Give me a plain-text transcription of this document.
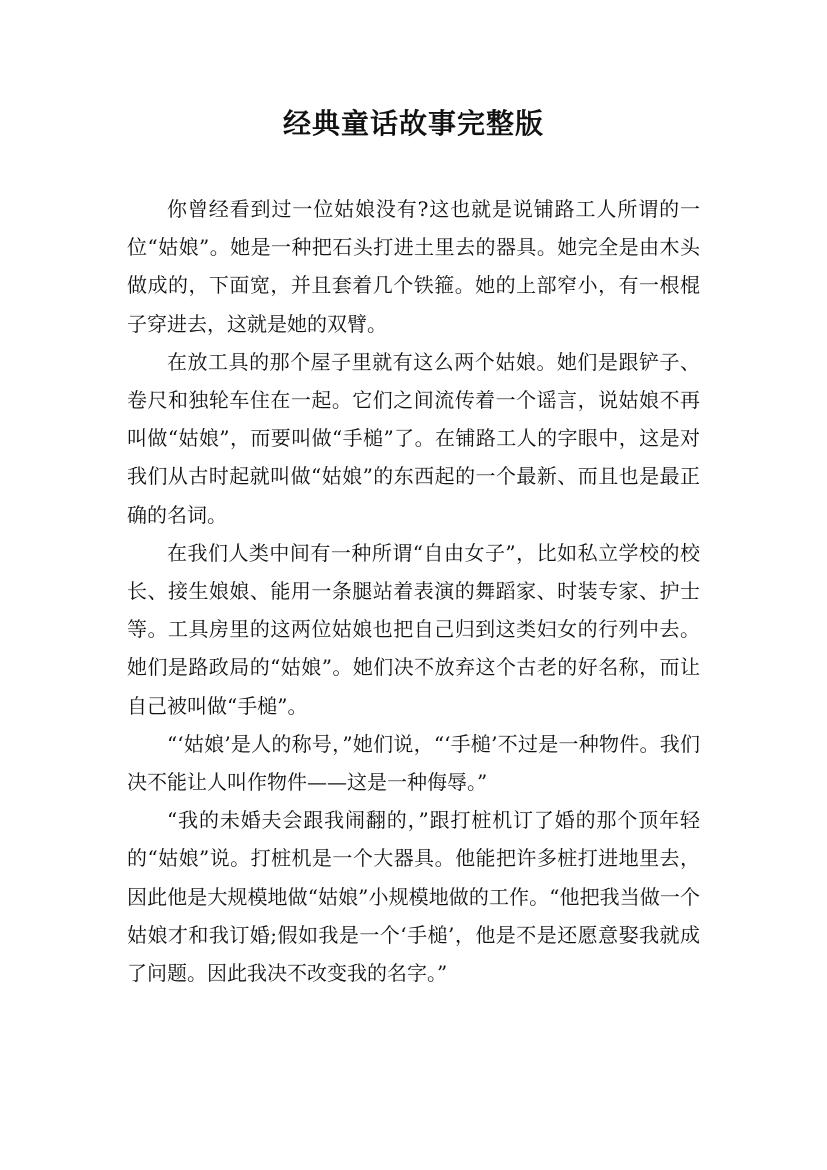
经典童话故事完整版

你曾经看到过一位姑娘没有?这也就是说铺路工人所谓的一位“姑娘”。她是一种把石头打进土里去的器具。她完全是由木头做成的，下面宽，并且套着几个铁箍。她的上部窄小，有一根棍子穿进去，这就是她的双臂。

在放工具的那个屋子里就有这么两个姑娘。她们是跟铲子、卷尺和独轮车住在一起。它们之间流传着一个谣言，说姑娘不再叫做“姑娘”，而要叫做“手槌”了。在铺路工人的字眼中，这是对我们从古时起就叫做“姑娘”的东西起的一个最新、而且也是最正确的名词。

在我们人类中间有一种所谓“自由女子”，比如私立学校的校长、接生娘娘、能用一条腿站着表演的舞蹈家、时装专家、护士等。工具房里的这两位姑娘也把自己归到这类妇女的行列中去。她们是路政局的“姑娘”。她们决不放弃这个古老的好名称，而让自己被叫做“手槌”。

“‘姑娘’是人的称号，”她们说，“‘手槌’不过是一种物件。我们决不能让人叫作物件——这是一种侮辱。”

“我的未婚夫会跟我闹翻的，”跟打桩机订了婚的那个顶年轻的“姑娘”说。打桩机是一个大器具。他能把许多桩打进地里去，因此他是大规模地做“姑娘”小规模地做的工作。“他把我当做一个姑娘才和我订婚;假如我是一个‘手槌’，他是不是还愿意娶我就成了问题。因此我决不改变我的名字。”
